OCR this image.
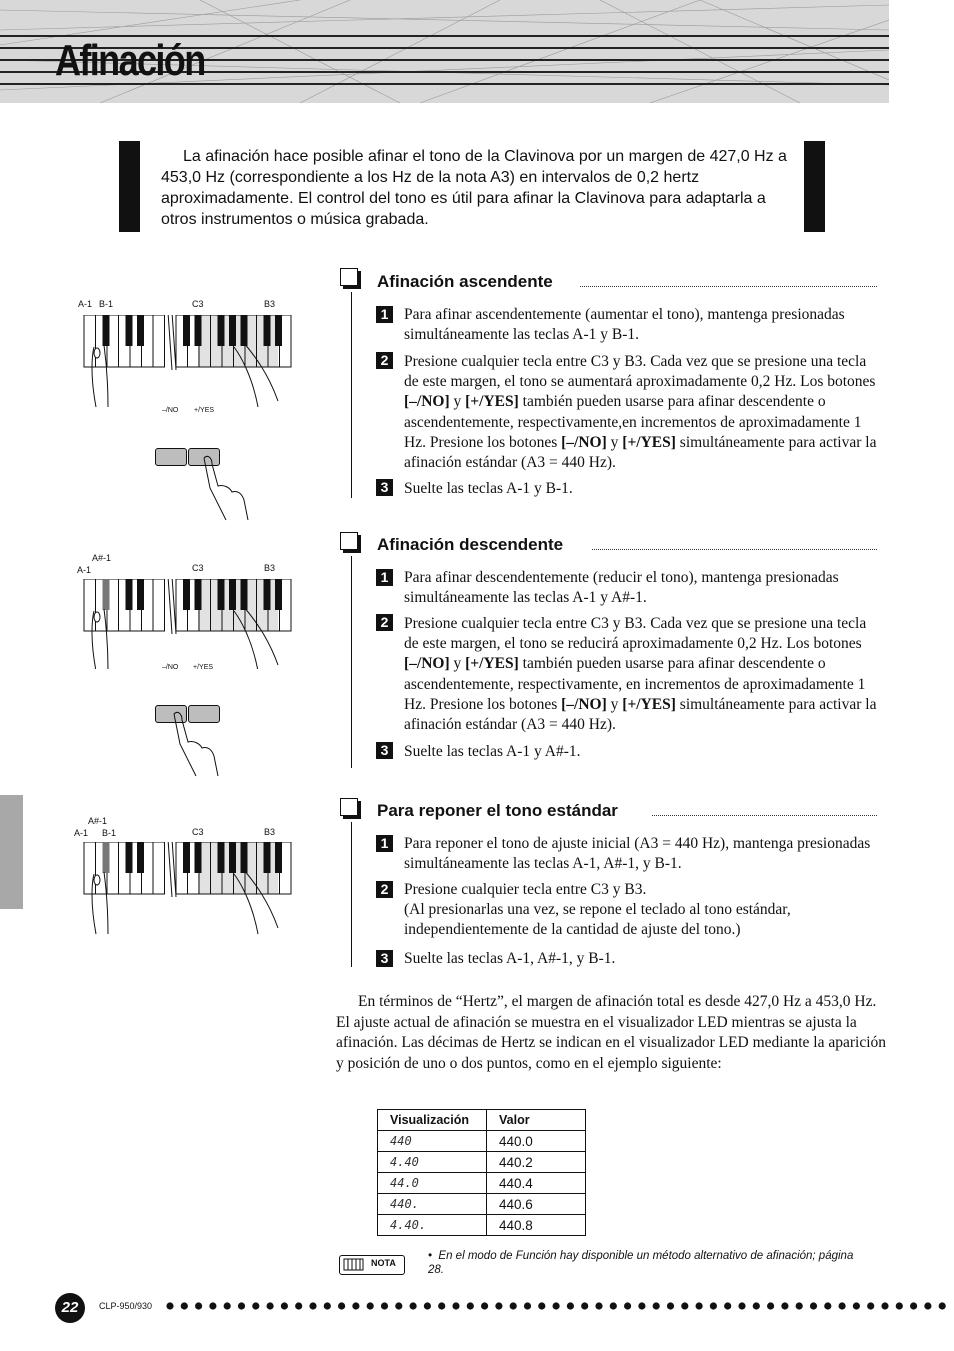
Afinación
La afinación hace posible afinar el tono de la Clavinova por un margen de 427,0 Hz a 453,0 Hz (correspondiente a los Hz de la nota A3) en intervalos de 0,2 hertz aproximadamente. El control del tono es útil para afinar la Clavinova para adaptarla a otros instrumentos o música grabada.
Afinación ascendente
1 Para afinar ascendentemente (aumentar el tono), mantenga presionadas simultáneamente las teclas A-1 y B-1.
2 Presione cualquier tecla entre C3 y B3. Cada vez que se presione una tecla de este margen, el tono se aumentará aproximadamente 0,2 Hz. Los botones [–/NO] y [+/YES] también pueden usarse para afinar descendente o ascendentemente, respectivamente,en incrementos de aproximadamente 1 Hz. Presione los botones [–/NO] y [+/YES] simultáneamente para activar la afinación estándar (A3 = 440 Hz).
3 Suelte las teclas A-1 y B-1.
A-1 B-1	C3	B3
–/NO +/YES
Afinación descendente
1 Para afinar descendentemente (reducir el tono), mantenga presionadas simultáneamente las teclas A-1 y A#-1.
2 Presione cualquier tecla entre C3 y B3. Cada vez que se presione una tecla de este margen, el tono se reducirá aproximadamente 0,2 Hz. Los botones [–/NO] y [+/YES] también pueden usarse para afinar descendente o ascendentemente, respectivamente, en incrementos de aproximadamente 1 Hz. Presione los botones [–/NO] y [+/YES] simultáneamente para activar la afinación estándar (A3 = 440 Hz).
3 Suelte las teclas A-1 y A#-1.
A#-1
A-1	C3	B3
–/NO +/YES
Para reponer el tono estándar
1 Para reponer el tono de ajuste inicial (A3 = 440 Hz), mantenga presionadas simultáneamente las teclas A-1, A#-1, y B-1.
2 Presione cualquier tecla entre C3 y B3.
(Al presionarlas una vez, se repone el teclado al tono estándar, independientemente de la cantidad de ajuste del tono.)
3 Suelte las teclas A-1, A#-1, y B-1.
A#-1
A-1 B-1	C3	B3
En términos de “Hertz”, el margen de afinación total es desde 427,0 Hz a 453,0 Hz. El ajuste actual de afinación se muestra en el visualizador LED mientras se ajusta la afinación. Las décimas de Hertz se indican en el visualizador LED mediante la aparición y posición de uno o dos puntos, como en el ejemplo siguiente:
Visualización	Valor
440	440.0
4.40	440.2
44.0	440.4
440.	440.6
4.40.	440.8
NOTA
•  En el modo de Función hay disponible un método alternativo de afinación; página 28.
22	CLP-950/930
